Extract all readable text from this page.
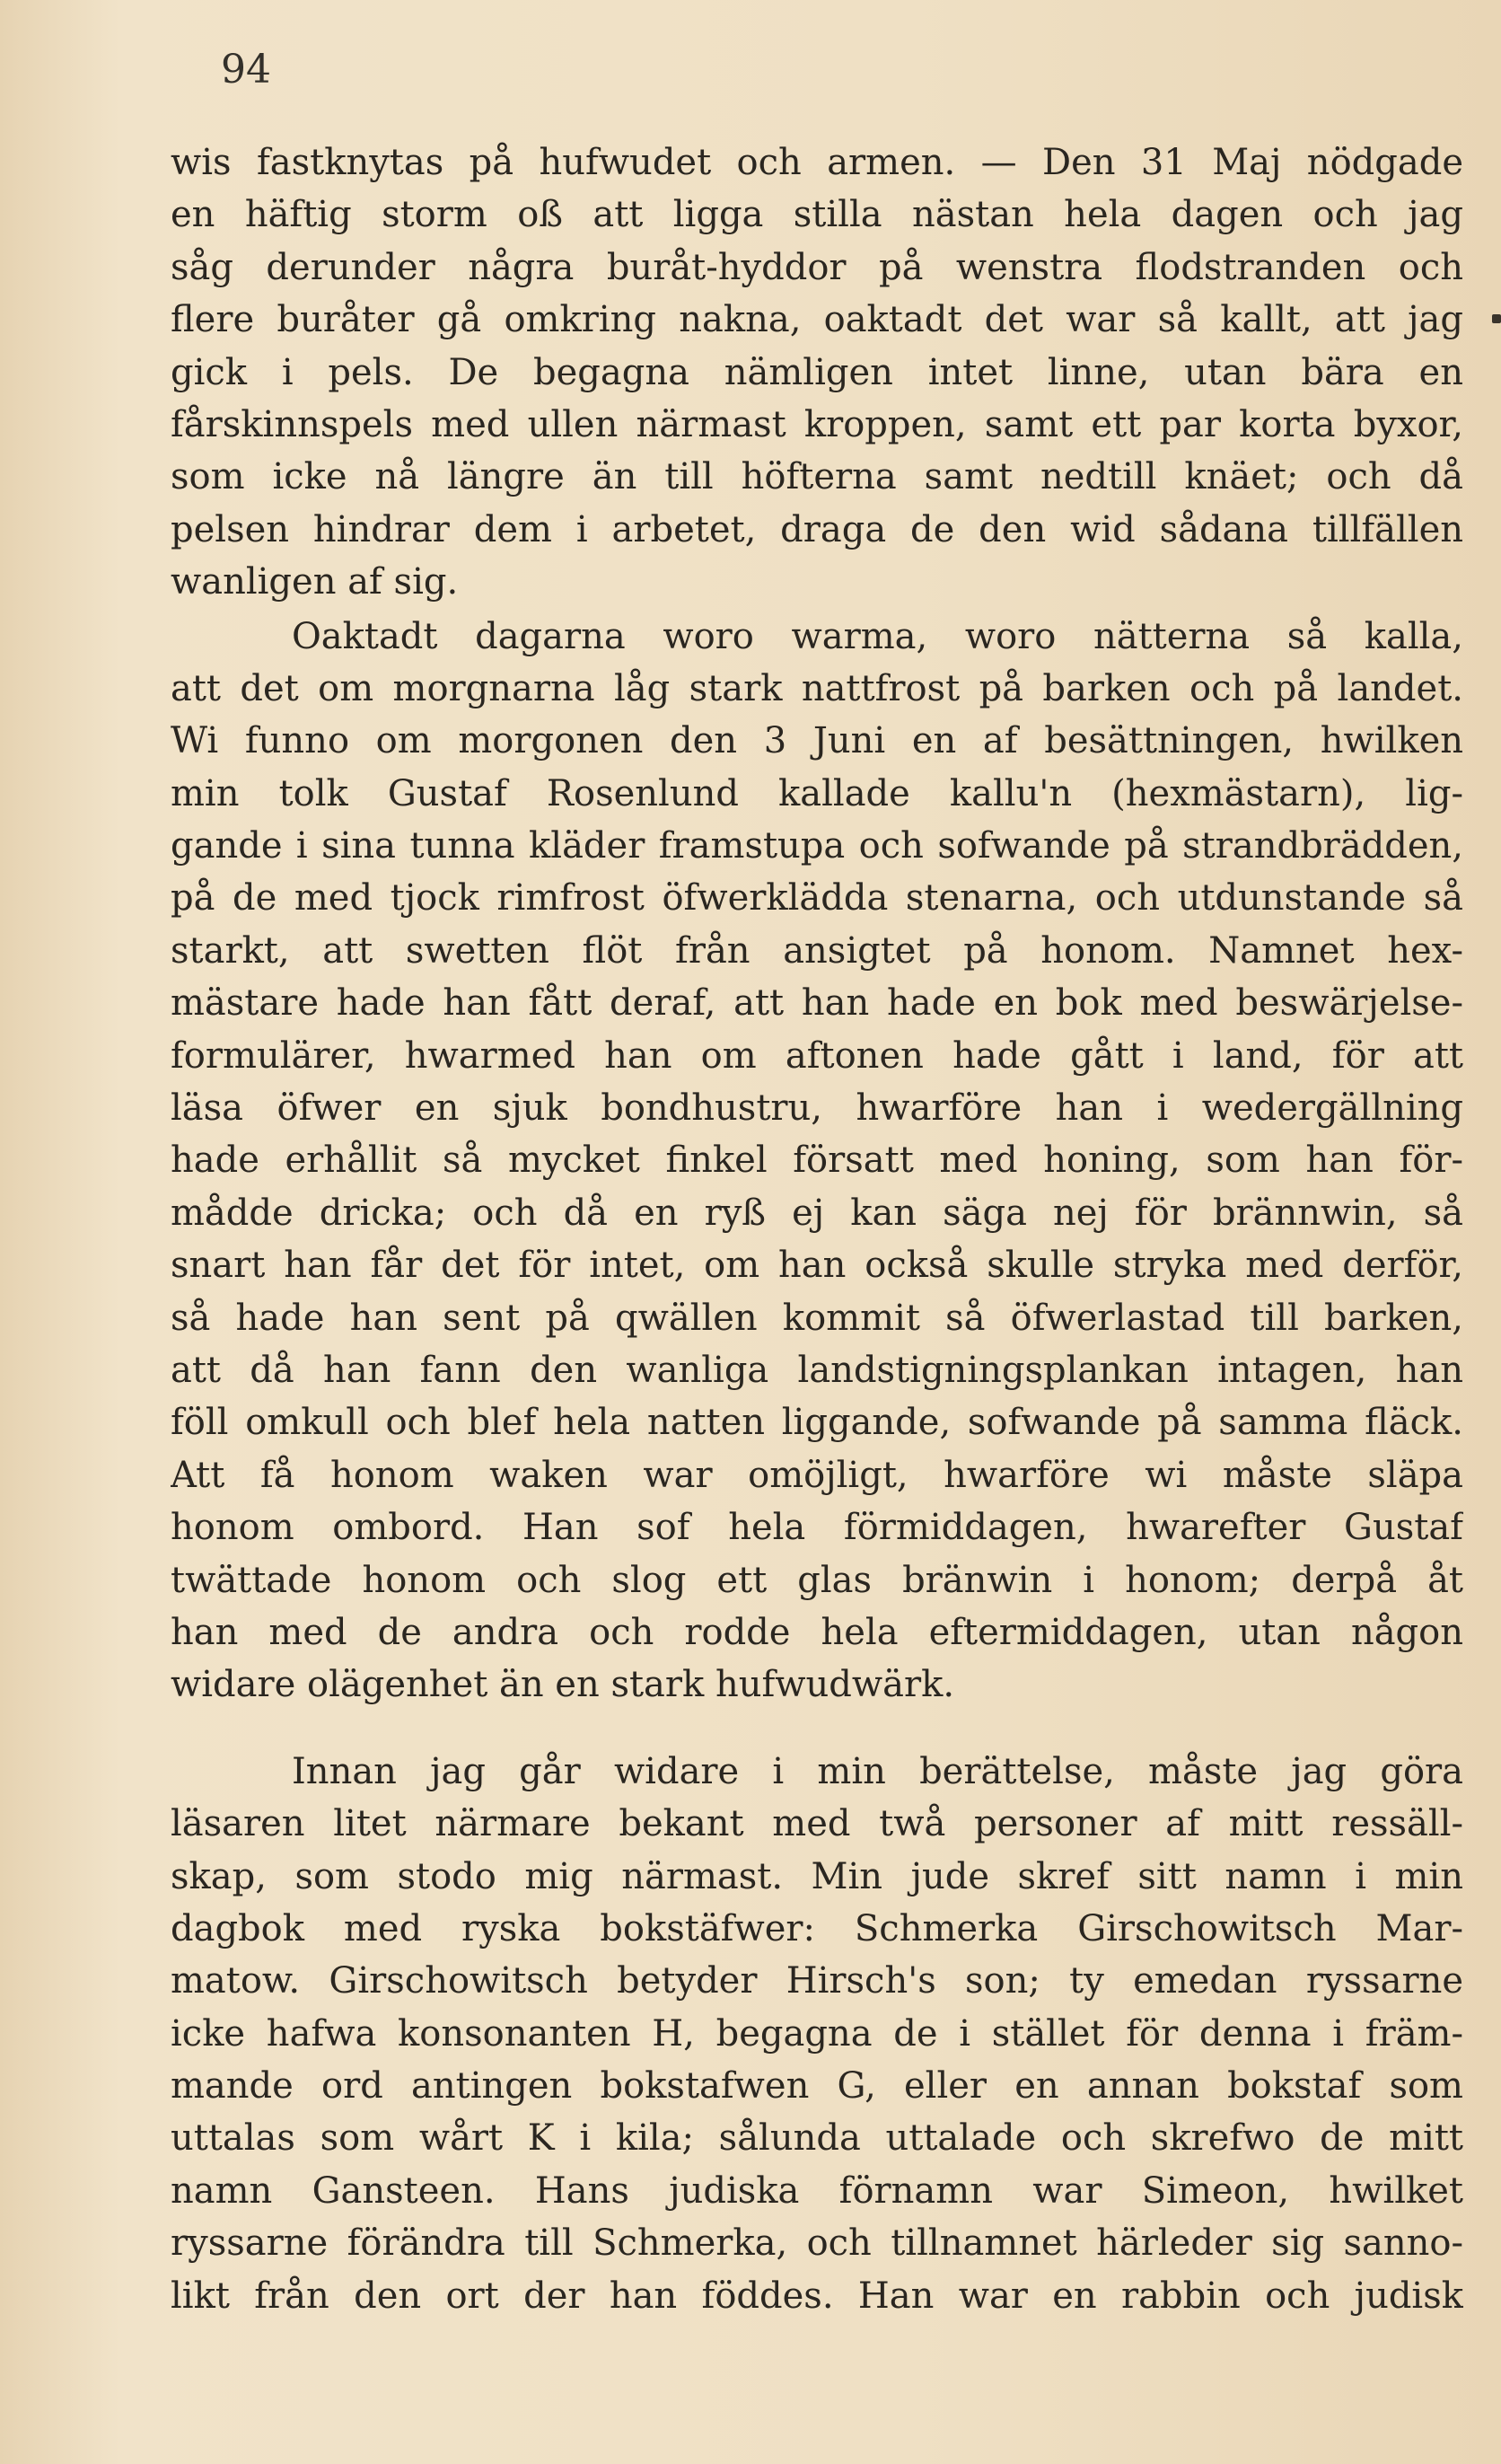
94
wis fastknytas på hufwudet och armen. — Den 31 Maj nödgade
en häftig storm oß att ligga stilla nästan hela dagen och jag
såg derunder några buråt-hyddor på wenstra flodstranden och
flere buråter gå omkring nakna, oaktadt det war så kallt, att jag
gick i pels. De begagna nämligen intet linne, utan bära en
fårskinnspels med ullen närmast kroppen, samt ett par korta byxor,
som icke nå längre än till höfterna samt nedtill knäet; och då
pelsen hindrar dem i arbetet, draga de den wid sådana tillfällen
wanligen af sig.
Oaktadt dagarna woro warma, woro nätterna så kalla,
att det om morgnarna låg stark nattfrost på barken och på landet.
Wi funno om morgonen den 3 Juni en af besättningen, hwilken
min tolk Gustaf Rosenlund kallade kallu'n (hexmästarn), lig-
gande i sina tunna kläder framstupa och sofwande på strandbrädden,
på de med tjock rimfrost öfwerklädda stenarna, och utdunstande så
starkt, att swetten flöt från ansigtet på honom. Namnet hex-
mästare hade han fått deraf, att han hade en bok med beswärjelse-
formulärer, hwarmed han om aftonen hade gått i land, för att
läsa öfwer en sjuk bondhustru, hwarföre han i wedergällning
hade erhållit så mycket finkel försatt med honing, som han för-
mådde dricka; och då en ryß ej kan säga nej för brännwin, så
snart han får det för intet, om han också skulle stryka med derför,
så hade han sent på qwällen kommit så öfwerlastad till barken,
att då han fann den wanliga landstigningsplankan intagen, han
föll omkull och blef hela natten liggande, sofwande på samma fläck.
Att få honom waken war omöjligt, hwarföre wi måste släpa
honom ombord. Han sof hela förmiddagen, hwarefter Gustaf
twättade honom och slog ett glas bränwin i honom; derpå åt
han med de andra och rodde hela eftermiddagen, utan någon
widare olägenhet än en stark hufwudwärk.
Innan jag går widare i min berättelse, måste jag göra
läsaren litet närmare bekant med twå personer af mitt ressäll-
skap, som stodo mig närmast. Min jude skref sitt namn i min
dagbok med ryska bokstäfwer: Schmerka Girschowitsch Mar-
matow. Girschowitsch betyder Hirsch's son; ty emedan ryssarne
icke hafwa konsonanten H, begagna de i stället för denna i främ-
mande ord antingen bokstafwen G, eller en annan bokstaf som
uttalas som wårt K i kila; sålunda uttalade och skrefwo de mitt
namn Gansteen. Hans judiska förnamn war Simeon, hwilket
ryssarne förändra till Schmerka, och tillnamnet härleder sig sanno-
likt från den ort der han föddes. Han war en rabbin och judisk
